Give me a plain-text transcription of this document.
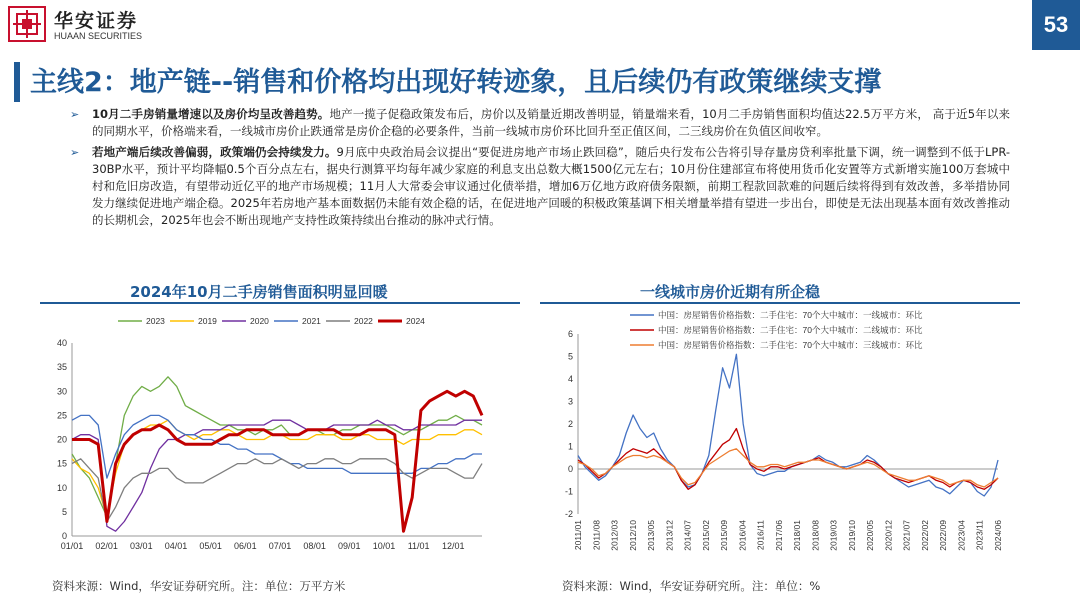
华安证券
HUAAN SECURITIES	53
主线2：地产链--销售和价格均出现好转迹象，且后续仍有政策继续支撑
➢ 10月二手房销量增速以及房价均呈改善趋势。地产一揽子促稳政策发布后，房价以及销量近期改善明显，销量端来看，10月二手房销售面积均值达22.5万平方米， 高于近5年以来的同期水平，价格端来看，一线城市房价止跌通常是房价企稳的必要条件，当前一线城市房价环比回升至正值区间，二三线房价在负值区间收窄。
➢ 若地产端后续改善偏弱，政策端仍会持续发力。9月底中央政治局会议提出“要促进房地产市场止跌回稳”，随后央行发布公告将引导存量房贷利率批量下调，统一调整到不低于LPR-30BP水平，预计平均降幅0.5个百分点左右，据央行测算平均每年减少家庭的利息支出总数大概1500亿元左右；10月份住建部宣布将使用货币化安置等方式新增实施100万套城中村和危旧房改造，有望带动近亿平的地产市场规模；11月人大常委会审议通过化债举措，增加6万亿地方政府债务限额，前期工程款回款难的问题后续将得到有效改善，多举措协同发力继续促进地产端企稳。2025年若房地产基本面数据仍未能有效企稳的话，在促进地产回暖的积极政策基调下相关增量举措有望进一步出台，即使是无法出现基本面有效改善推动的长期机会，2025年也会不断出现地产支持性政策持续出台推动的脉冲式行情。
2024年10月二手房销售面积明显回暖
0
5
10
15
20
25
30
35
40
01/01 02/01 03/01 04/01 05/01 06/01 07/01 08/01 09/01 10/01 11/01 12/01
2023	2019	2020	2021	2022	2024
资料来源：Wind，华安证券研究所。注：单位：万平方米
一线城市房价近期有所企稳
-2
-1
0
1
2
3
4
5
6
2011/01 2011/08 2012/03 2012/10 2013/05 2013/12 2014/07 2015/02 2015/09 2016/04 2016/11 2017/06 2018/01 2018/08 2019/03 2019/10 2020/05 2020/12 2021/07 2022/02 2022/09 2023/04 2023/11 2024/06
中国：房屋销售价格指数：二手住宅：70个大中城市：一线城市：环比
中国：房屋销售价格指数：二手住宅：70个大中城市：二线城市：环比
中国：房屋销售价格指数：二手住宅：70个大中城市：三线城市：环比
资料来源：Wind，华安证券研究所。注：单位：%
